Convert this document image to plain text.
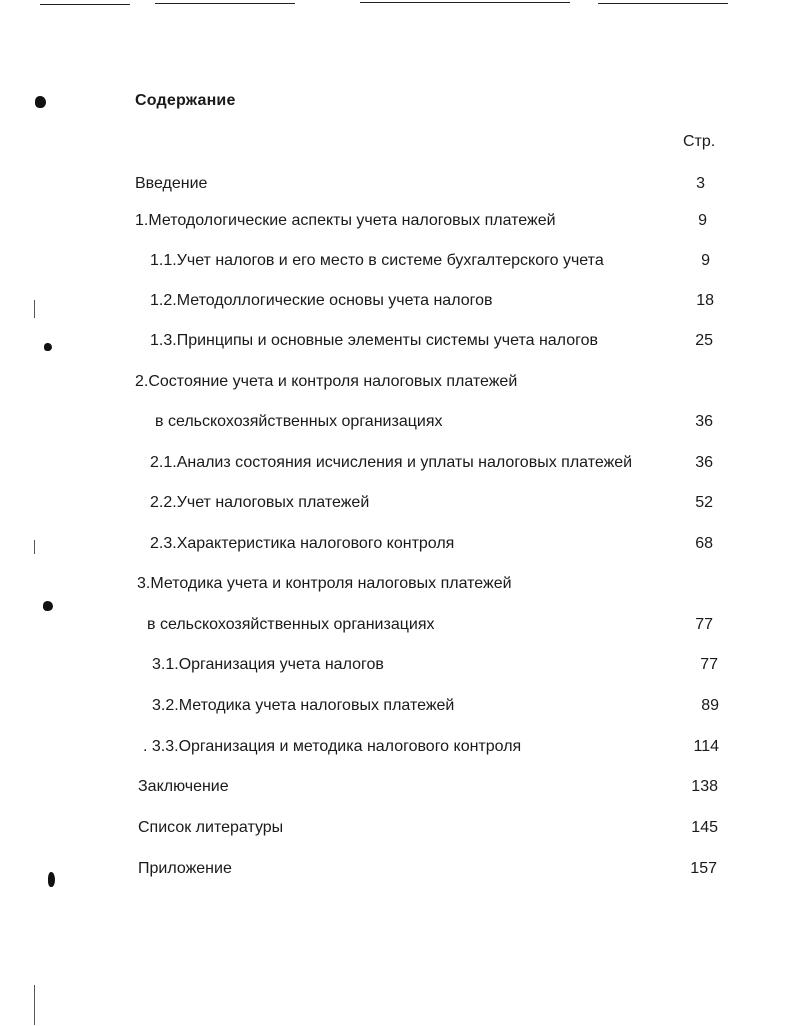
Содержание
Стр.
Введение	3
1.Методологические аспекты учета налоговых платежей	9
1.1.Учет налогов и его место в системе бухгалтерского учета	9
1.2.Методоллогические основы учета налогов	18
1.3.Принципы и основные элементы системы учета налогов	25
2.Состояние учета и контроля налоговых платежей
в сельскохозяйственных организациях	36
2.1.Анализ состояния исчисления и уплаты налоговых платежей	36
2.2.Учет налоговых платежей	52
2.3.Характеристика налогового контроля	68
3.Методика учета и контроля налоговых платежей
в сельскохозяйственных организациях	77
3.1.Организация учета налогов	77
3.2.Методика учета налоговых платежей	89
. 3.3.Организация и методика налогового контроля	114
Заключение	138
Список литературы	145
Приложение	157
